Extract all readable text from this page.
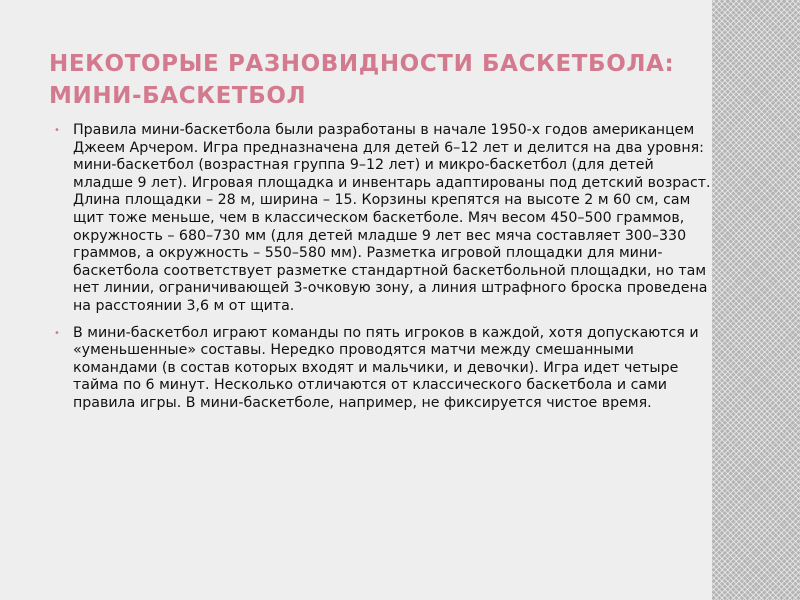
НЕКОТОРЫЕ РАЗНОВИДНОСТИ БАСКЕТБОЛА: МИНИ-БАСКЕТБОЛ
• Правила мини-баскетбола были разработаны в начале 1950-х годов американцем Джеем Арчером. Игра предназначена для детей 6–12 лет и делится на два уровня: мини-баскетбол (возрастная группа 9–12 лет) и микро-баскетбол (для детей младше 9 лет). Игровая площадка и инвентарь адаптированы под детский возраст. Длина площадки – 28 м, ширина – 15. Корзины крепятся на высоте 2 м 60 см, сам щит тоже меньше, чем в классическом баскетболе. Мяч весом 450–500 граммов, окружность – 680–730 мм (для детей младше 9 лет вес мяча составляет 300–330 граммов, а окружность – 550–580 мм). Разметка игровой площадки для мини-баскетбола соответствует разметке стандартной баскетбольной площадки, но там нет линии, ограничивающей 3-очковую зону, а линия штрафного броска проведена на расстоянии 3,6 м от щита.
• В мини-баскетбол играют команды по пять игроков в каждой, хотя допускаются и «уменьшенные» составы. Нередко проводятся матчи между смешанными командами (в состав которых входят и мальчики, и девочки). Игра идет четыре тайма по 6 минут. Несколько отличаются от классического баскетбола и сами правила игры. В мини-баскетболе, например, не фиксируется чистое время.
